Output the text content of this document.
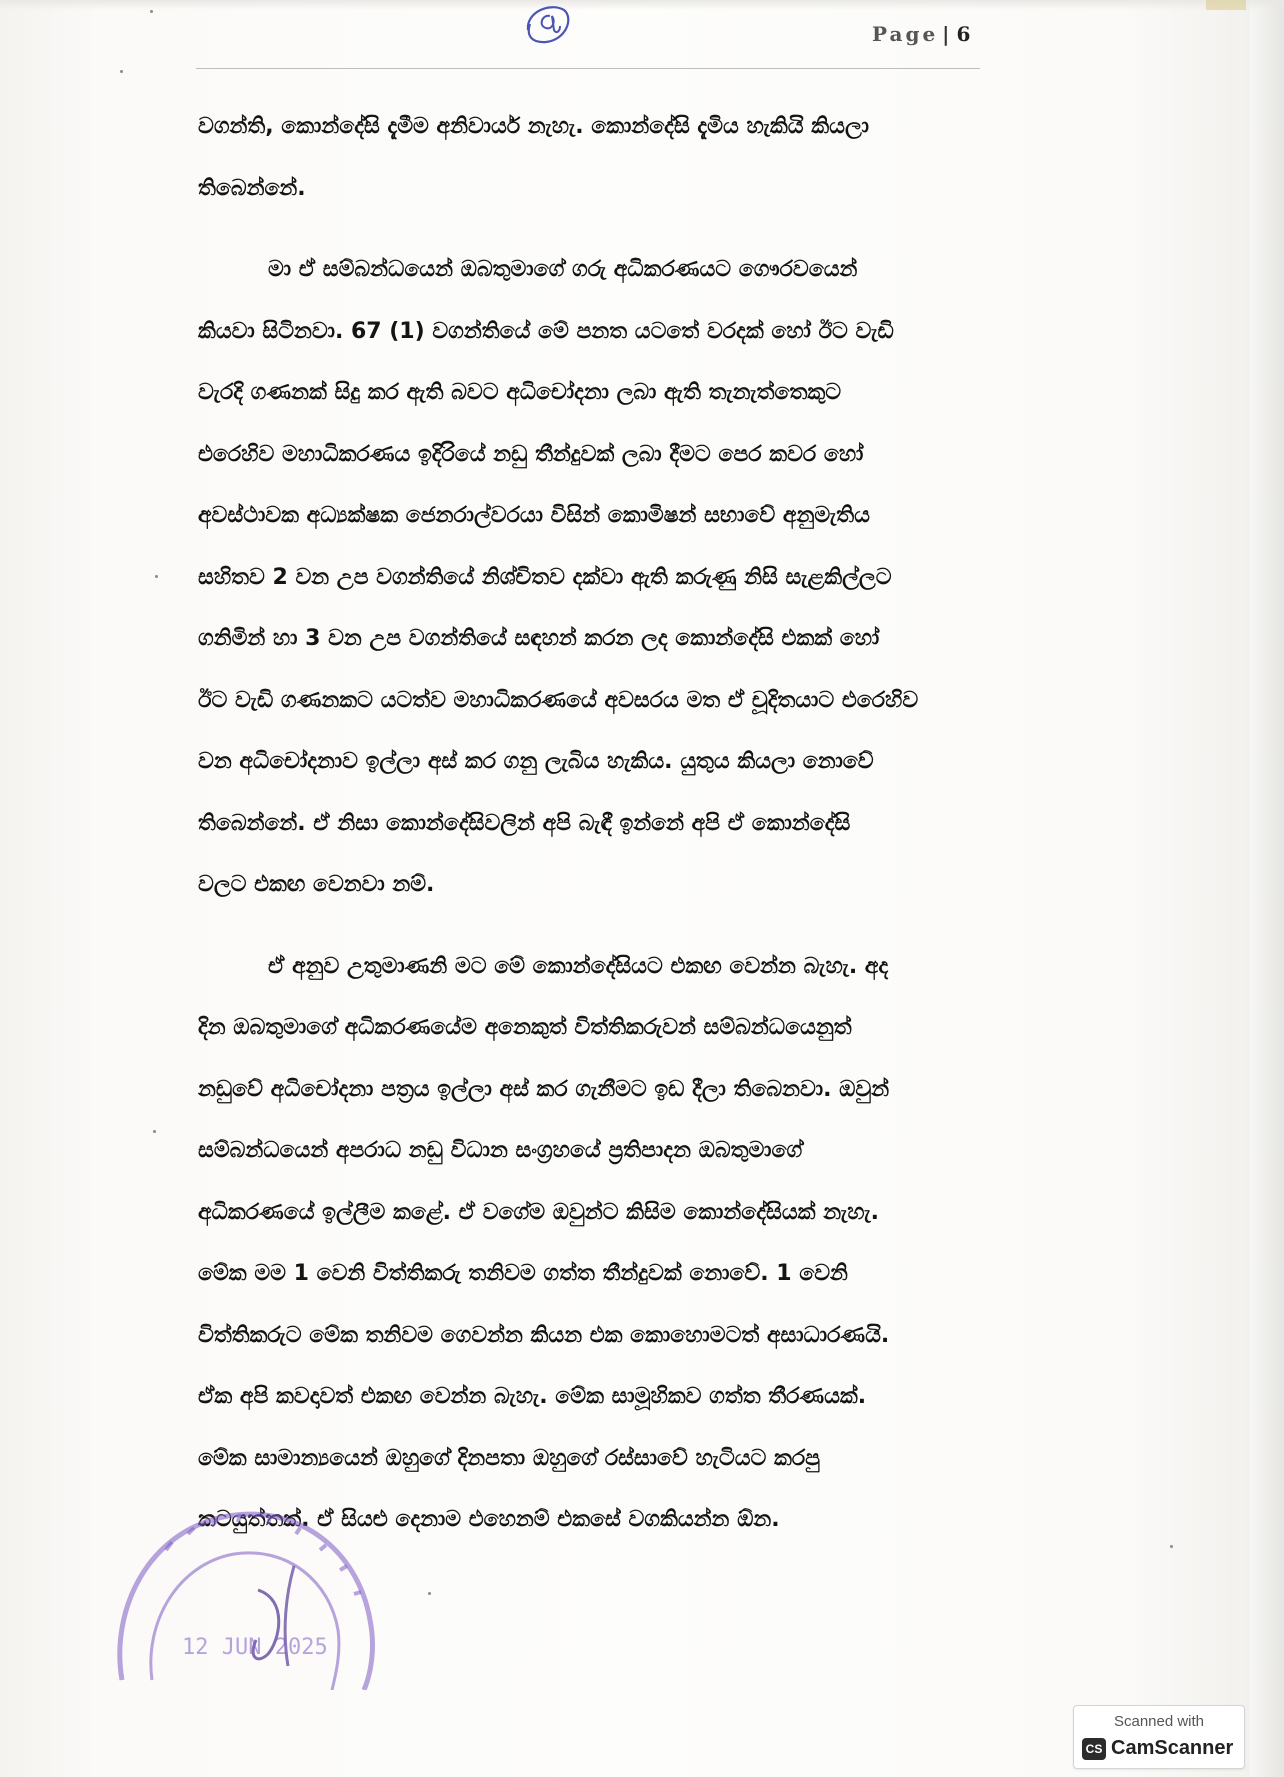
Page | 6

වගන්ති, කොන්දේසි දැමීම අනිවාර්ය නැහැ. කොන්දේසි දැමිය හැකියි කියලා
තිබෙන්නේ.

මා ඒ සම්බන්ධයෙන් ඔබතුමාගේ ගරු අධිකරණයට ගෞරවයෙන්
කියවා සිටිනවා. 67 (1) වගන්තියේ මේ පනත යටතේ වරදක් හෝ ඊට වැඩි
වැරදි ගණනක් සිදු කර ඇති බවට අධිචෝදනා ලබා ඇති තැනැත්තෙකුට
එරෙහිව මහාධිකරණය ඉදිරියේ නඩු තීන්දුවක් ලබා දීමට පෙර කවර හෝ
අවස්ථාවක අධ්‍යක්ෂක ජෙනරාල්වරයා විසින් කොමිෂන් සභාවේ අනුමැතිය
සහිතව 2 වන උප වගන්තියේ නිශ්චිතව දක්වා ඇති කරුණු නිසි සැළකිල්ලට
ගනිමින් හා 3 වන උප වගන්තියේ සඳහන් කරන ලද කොන්දේසි එකක් හෝ
ඊට වැඩි ගණනකට යටත්ව මහාධිකරණයේ අවසරය මත ඒ චූදිතයාට එරෙහිව
වන අධිචෝදනාව ඉල්ලා අස් කර ගනු ලැබිය හැකිය. යුතුය කියලා නොවේ
තිබෙන්නේ. ඒ නිසා කොන්දේසිවලින් අපි බැඳී ඉන්නේ අපි ඒ කොන්දේසි
වලට එකඟ වෙනවා නම්.

ඒ අනුව උතුමාණනි මට මේ කොන්දේසියට එකඟ වෙන්න බැහැ. අද
දින ඔබතුමාගේ අධිකරණයේම අනෙකුත් විත්තිකරුවන් සම්බන්ධයෙනුත්
නඩුවේ අධිචෝදනා පත්‍රය ඉල්ලා අස් කර ගැනීමට ඉඩ දීලා තිබෙනවා. ඔවුන්
සම්බන්ධයෙන් අපරාධ නඩු විධාන සංග්‍රහයේ ප්‍රතිපාදන ඔබතුමාගේ
අධිකරණයේ ඉල්ලීම කළේ. ඒ වගේම ඔවුන්ට කිසිම කොන්දේසියක් නැහැ.
මේක මම 1 වෙනි විත්තිකරු තනිවම ගත්ත තීන්දුවක් නොවේ. 1 වෙනි
විත්තිකරුට මේක තනිවම ගෙවන්න කියන එක කොහොමටත් අසාධාරණයි.
ඒක අපි කවදාවත් එකඟ වෙන්න බැහැ. මේක සාමූහිකව ගත්ත තීරණයක්.
මේක සාමාන්‍යයෙන් ඔහුගේ දිනපතා ඔහුගේ රස්සාවේ හැටියට කරපු
කටයුත්තක්. ඒ සියළු දෙනාම එහෙනම් එකසේ වගකියන්න ඕන.

12 JUN 2025
Scanned with
CS CamScanner
